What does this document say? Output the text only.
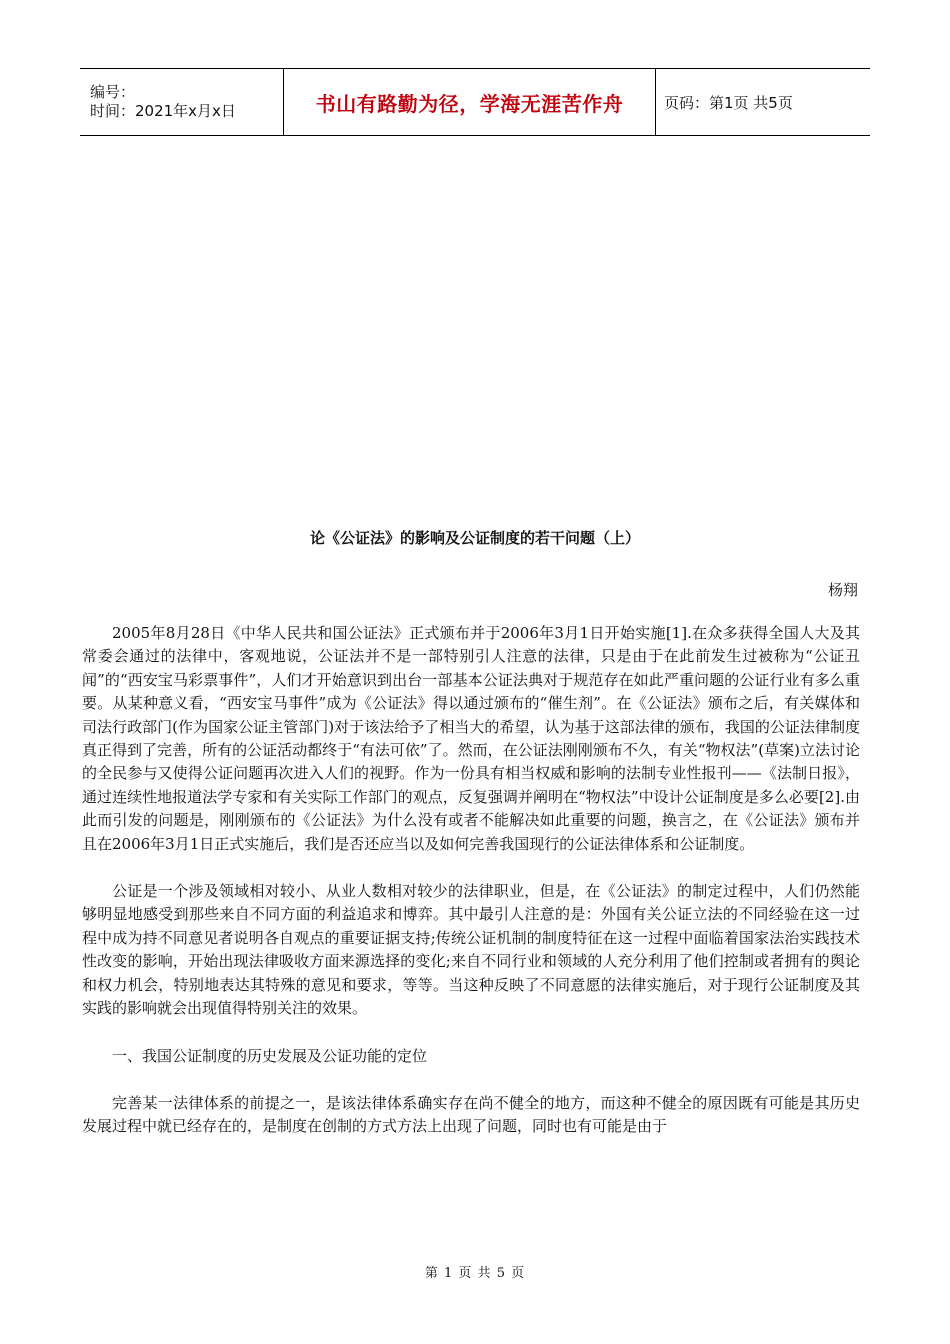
编号：
时间：2021年x月x日	书山有路勤为径，学海无涯苦作舟	页码：第1页 共5页
论《公证法》的影响及公证制度的若干问题（上）
杨翔

2005年8月28日《中华人民共和国公证法》正式颁布并于2006年3月1日开始实施[1].在众多获得全国人大及其常委会通过的法律中，客观地说，公证法并不是一部特别引人注意的法律，只是由于在此前发生过被称为“公证丑闻”的“西安宝马彩票事件”，人们才开始意识到出台一部基本公证法典对于规范存在如此严重问题的公证行业有多么重要。从某种意义看，“西安宝马事件”成为《公证法》得以通过颁布的“催生剂”。在《公证法》颁布之后，有关媒体和司法行政部门(作为国家公证主管部门)对于该法给予了相当大的希望，认为基于这部法律的颁布，我国的公证法律制度真正得到了完善，所有的公证活动都终于“有法可依”了。然而，在公证法刚刚颁布不久，有关“物权法”(草案)立法讨论的全民参与又使得公证问题再次进入人们的视野。作为一份具有相当权威和影响的法制专业性报刊——《法制日报》，通过连续性地报道法学专家和有关实际工作部门的观点，反复强调并阐明在“物权法”中设计公证制度是多么必要[2].由此而引发的问题是，刚刚颁布的《公证法》为什么没有或者不能解决如此重要的问题，换言之，在《公证法》颁布并且在2006年3月1日正式实施后，我们是否还应当以及如何完善我国现行的公证法律体系和公证制度。

公证是一个涉及领域相对较小、从业人数相对较少的法律职业，但是，在《公证法》的制定过程中，人们仍然能够明显地感受到那些来自不同方面的利益追求和博弈。其中最引人注意的是：外国有关公证立法的不同经验在这一过程中成为持不同意见者说明各自观点的重要证据支持;传统公证机制的制度特征在这一过程中面临着国家法治实践技术性改变的影响，开始出现法律吸收方面来源选择的变化;来自不同行业和领域的人充分利用了他们控制或者拥有的舆论和权力机会，特别地表达其特殊的意见和要求，等等。当这种反映了不同意愿的法律实施后，对于现行公证制度及其实践的影响就会出现值得特别关注的效果。

一、我国公证制度的历史发展及公证功能的定位

完善某一法律体系的前提之一，是该法律体系确实存在尚不健全的地方，而这种不健全的原因既有可能是其历史发展过程中就已经存在的，是制度在创制的方式方法上出现了问题，同时也有可能是由于

第 1 页 共 5 页
